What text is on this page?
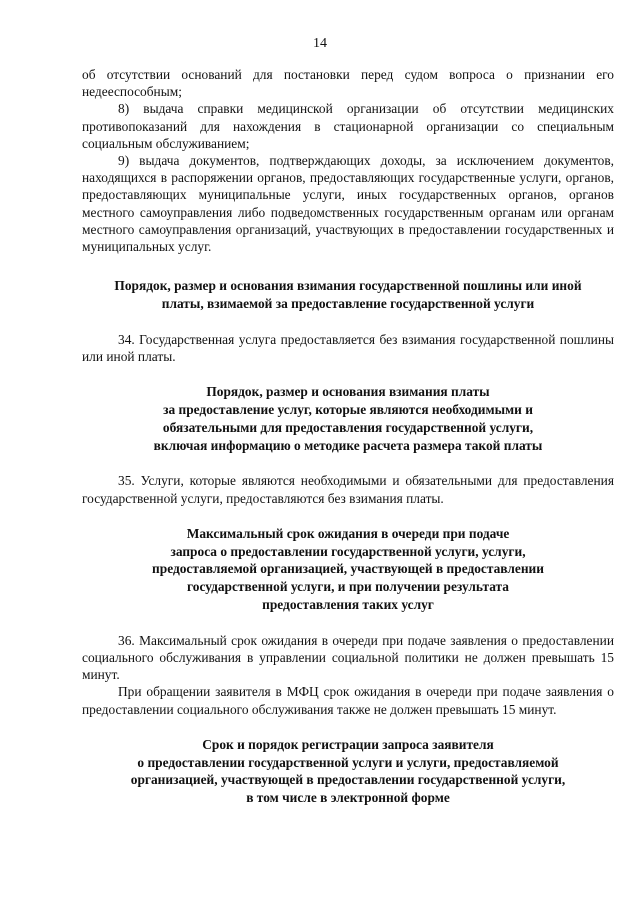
14

об отсутствии оснований для постановки перед судом вопроса о признании его недееспособным;

8) выдача справки медицинской организации об отсутствии медицинских противопоказаний для нахождения в стационарной организации со специальным социальным обслуживанием;

9) выдача документов, подтверждающих доходы, за исключением документов, находящихся в распоряжении органов, предоставляющих государственные услуги, органов, предоставляющих муниципальные услуги, иных государственных органов, органов местного самоуправления либо подведомственных государственным органам или органам местного самоуправления организаций, участвующих в предоставлении государственных и муниципальных услуг.

Порядок, размер и основания взимания государственной пошлины или иной
платы, взимаемой за предоставление государственной услуги

34. Государственная услуга предоставляется без взимания государственной пошлины или иной платы.

Порядок, размер и основания взимания платы
за предоставление услуг, которые являются необходимыми и
обязательными для предоставления государственной услуги,
включая информацию о методике расчета размера такой платы

35. Услуги, которые являются необходимыми и обязательными для предоставления государственной услуги, предоставляются без взимания платы.

Максимальный срок ожидания в очереди при подаче
запроса о предоставлении государственной услуги, услуги,
предоставляемой организацией, участвующей в предоставлении
государственной услуги, и при получении результата
предоставления таких услуг

36. Максимальный срок ожидания в очереди при подаче заявления о предоставлении социального обслуживания в управлении социальной политики не должен превышать 15 минут.

При обращении заявителя в МФЦ срок ожидания в очереди при подаче заявления о предоставлении социального обслуживания также не должен превышать 15 минут.

Срок и порядок регистрации запроса заявителя
о предоставлении государственной услуги и услуги, предоставляемой
организацией, участвующей в предоставлении государственной услуги,
в том числе в электронной форме
